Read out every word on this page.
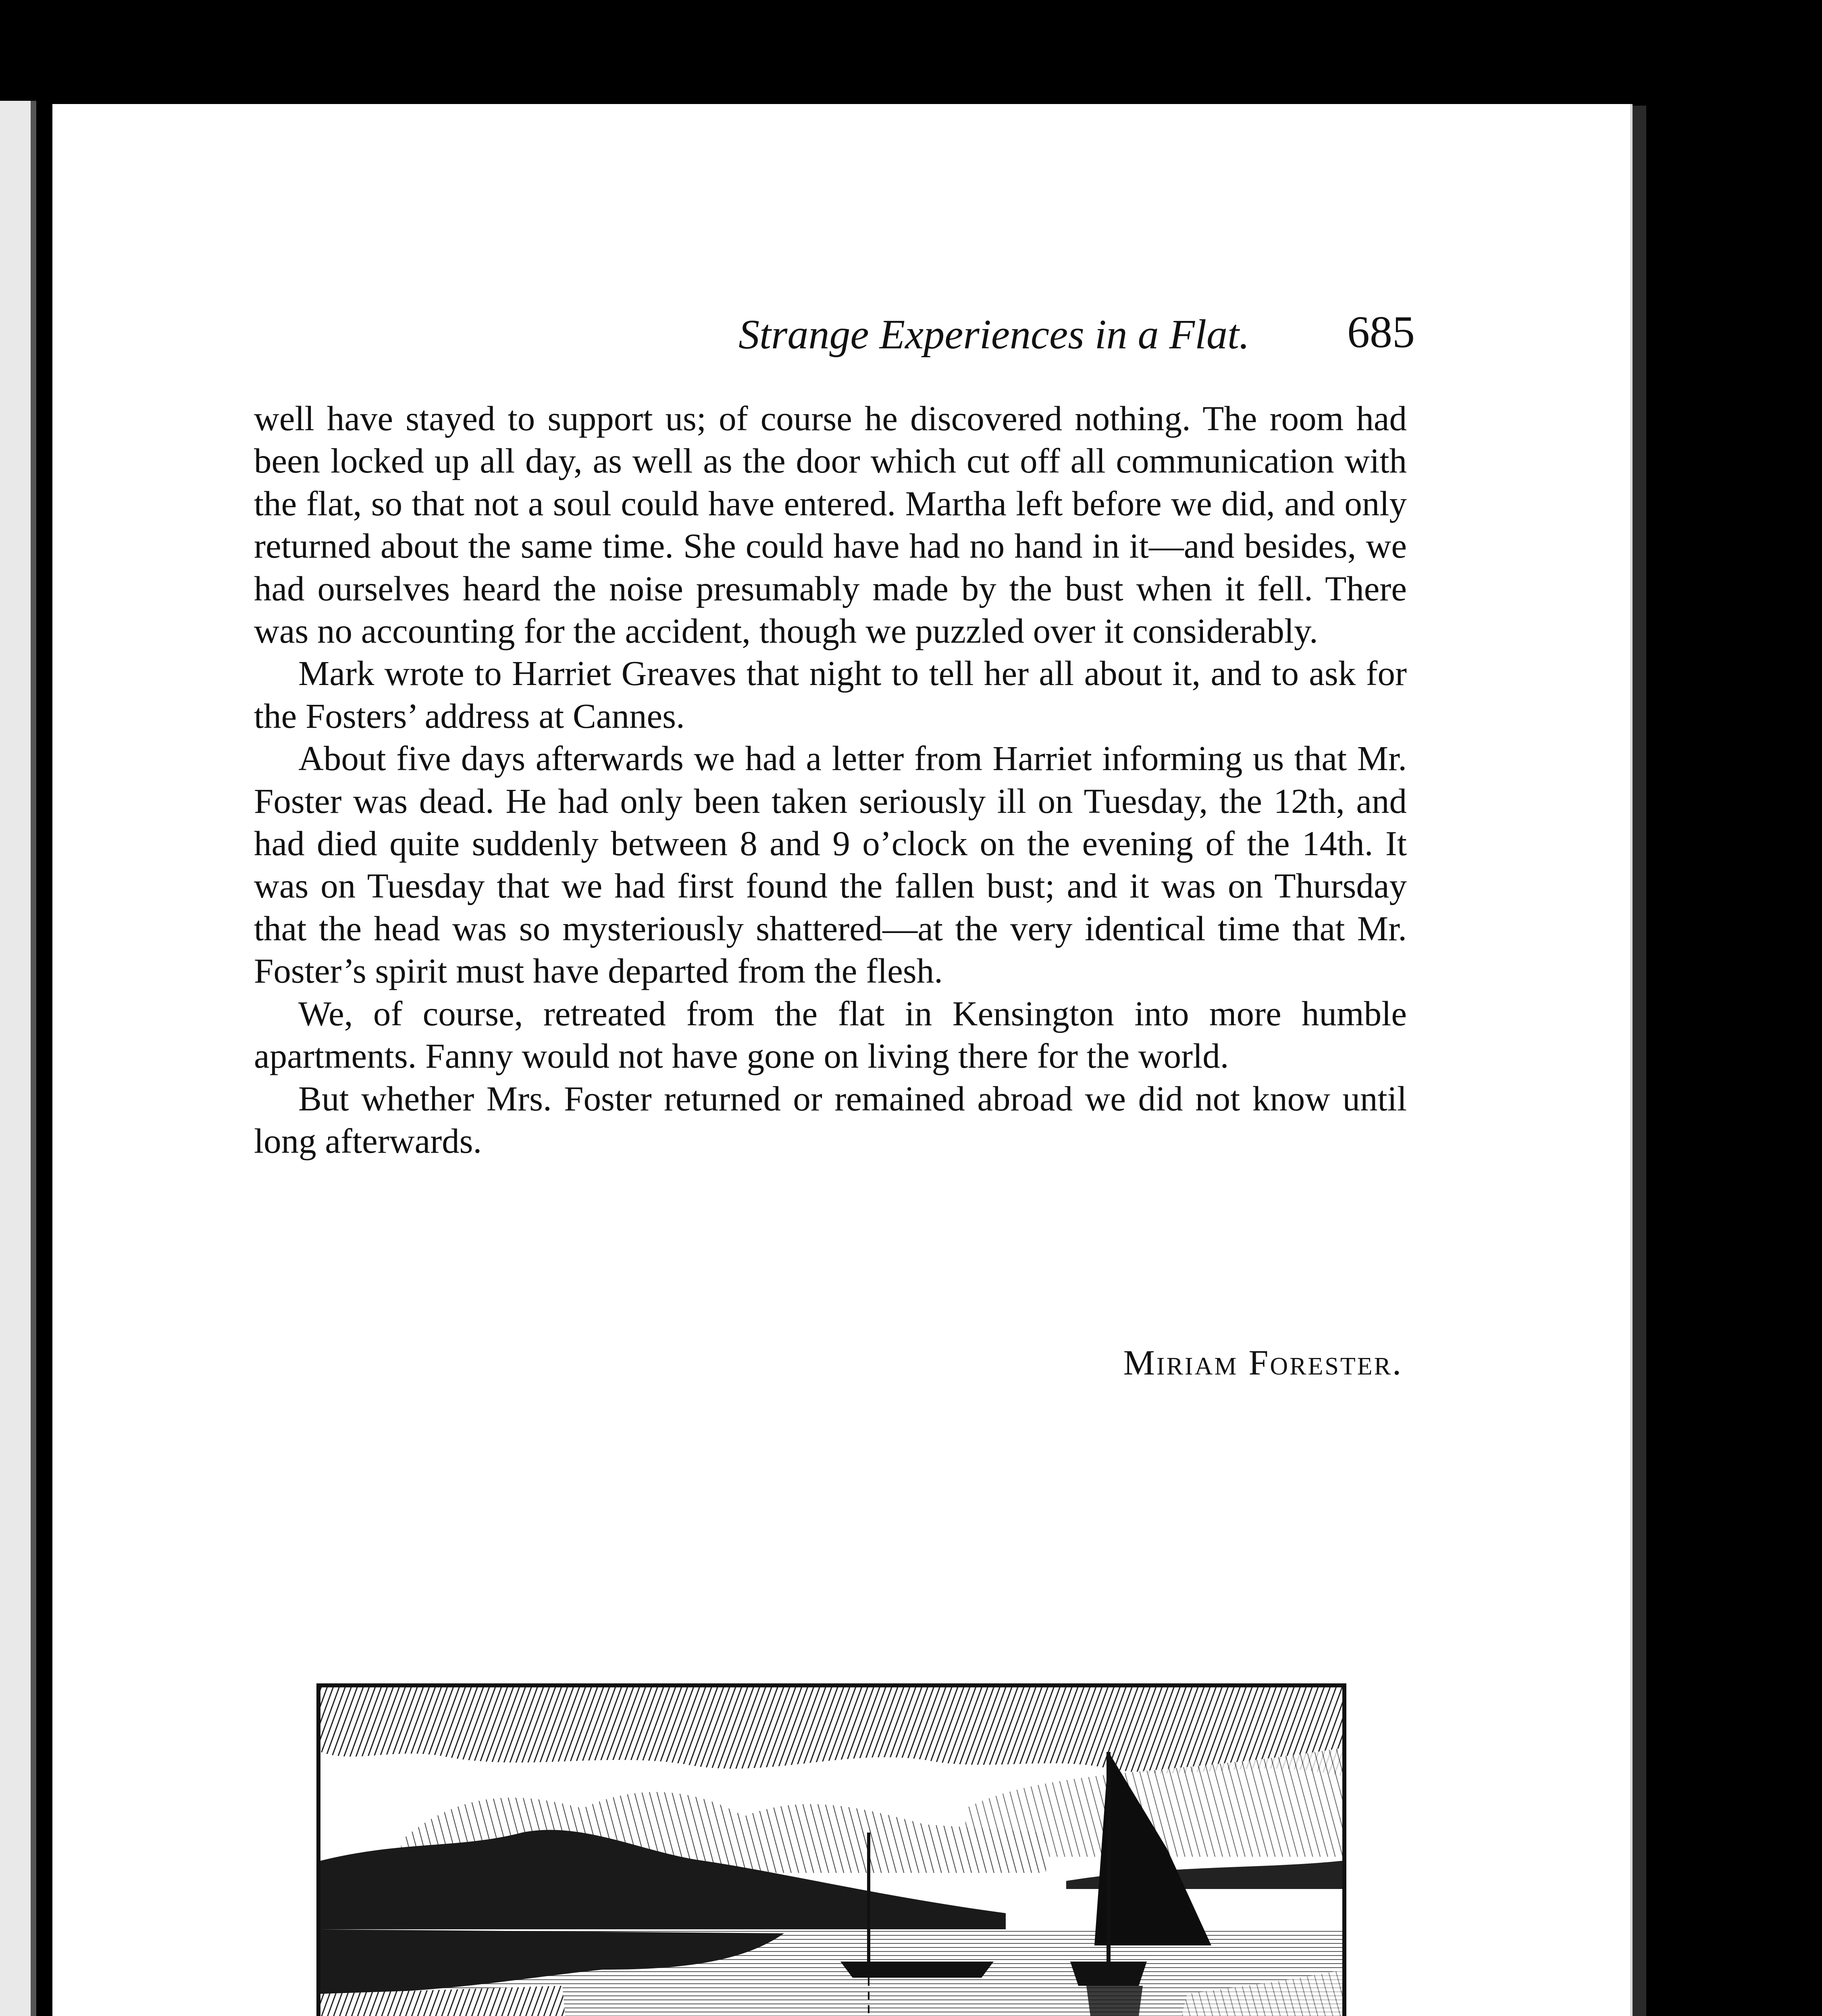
Strange Experiences in a Flat. 685

well have stayed to support us; of course he discovered nothing. The room had been locked up all day, as well as the door which cut off all communication with the flat, so that not a soul could have entered. Martha left before we did, and only returned about the same time. She could have had no hand in it—and besides, we had ourselves heard the noise presumably made by the bust when it fell. There was no accounting for the accident, though we puzzled over it considerably.

Mark wrote to Harriet Greaves that night to tell her all about it, and to ask for the Fosters’ address at Cannes.

About five days afterwards we had a letter from Harriet informing us that Mr. Foster was dead. He had only been taken seriously ill on Tuesday, the 12th, and had died quite suddenly between 8 and 9 o’clock on the evening of the 14th. It was on Tuesday that we had first found the fallen bust; and it was on Thursday that the head was so mysteriously shattered—at the very identical time that Mr. Foster’s spirit must have departed from the flesh.

We, of course, retreated from the flat in Kensington into more humble apartments. Fanny would not have gone on living there for the world.

But whether Mrs. Foster returned or remained abroad we did not know until long afterwards.

Miriam Forester.
